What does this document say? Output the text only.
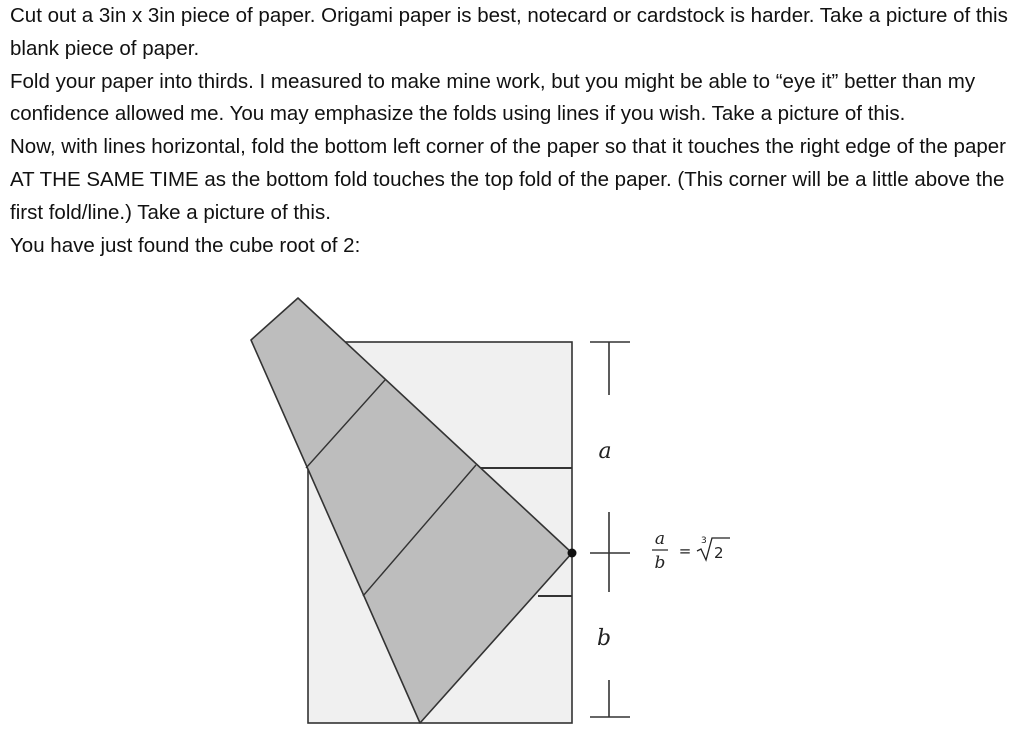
Cut out a 3in x 3in piece of paper. Origami paper is best, notecard or cardstock is harder. Take a picture of this blank piece of paper.

Fold your paper into thirds. I measured to make mine work, but you might be able to “eye it” better than my confidence allowed me. You may emphasize the folds using lines if you wish. Take a picture of this.

Now, with lines horizontal, fold the bottom left corner of the paper so that it touches the right edge of the paper AT THE SAME TIME as the bottom fold touches the top fold of the paper. (This corner will be a little above the first fold/line.) Take a picture of this.

You have just found the cube root of 2:

a
b
a
b
=
3
2
